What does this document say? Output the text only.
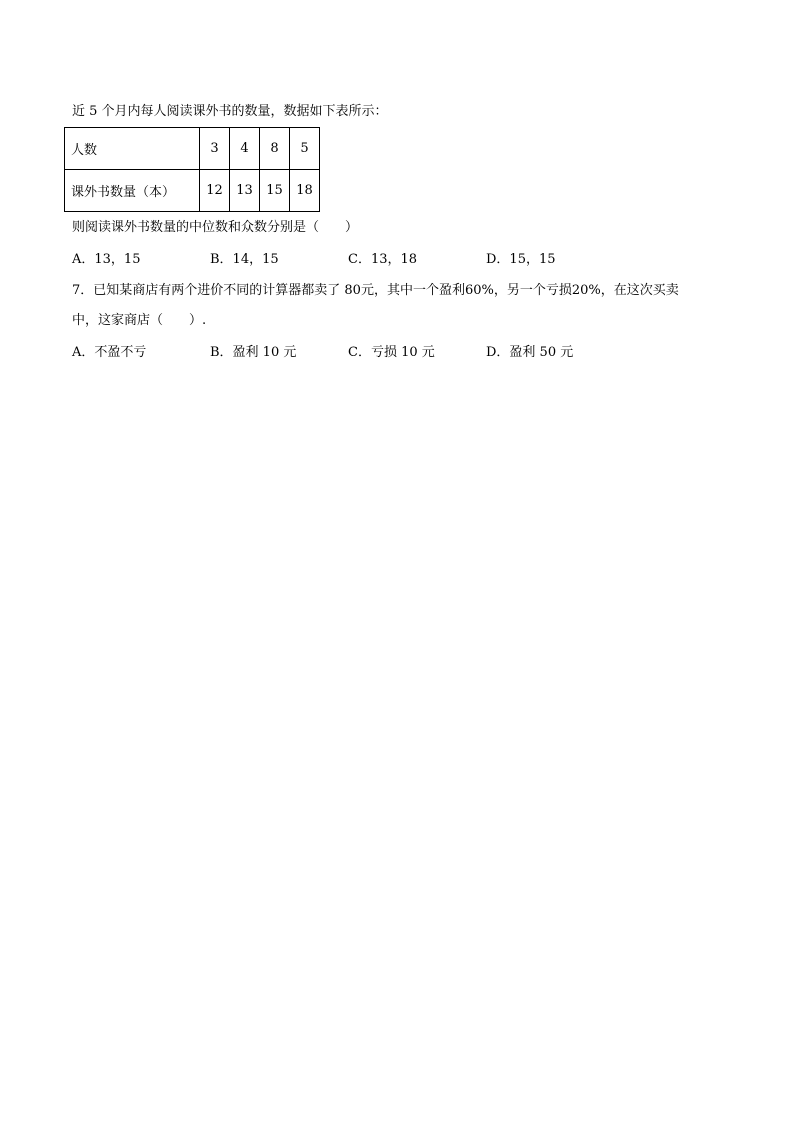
近 5 个月内每人阅读课外书的数量，数据如下表所示：
人数	3	4	8	5
课外书数量（本）	12	13	15	18
则阅读课外书数量的中位数和众数分别是（　　）
A．13，15	B．14，15	C．13，18	D．15，15
7．已知某商店有两个进价不同的计算器都卖了 80元，其中一个盈利60%，另一个亏损20%，在这次买卖
中，这家商店（　　）.
A．不盈不亏	B．盈利 10 元	C．亏损 10 元	D．盈利 50 元
